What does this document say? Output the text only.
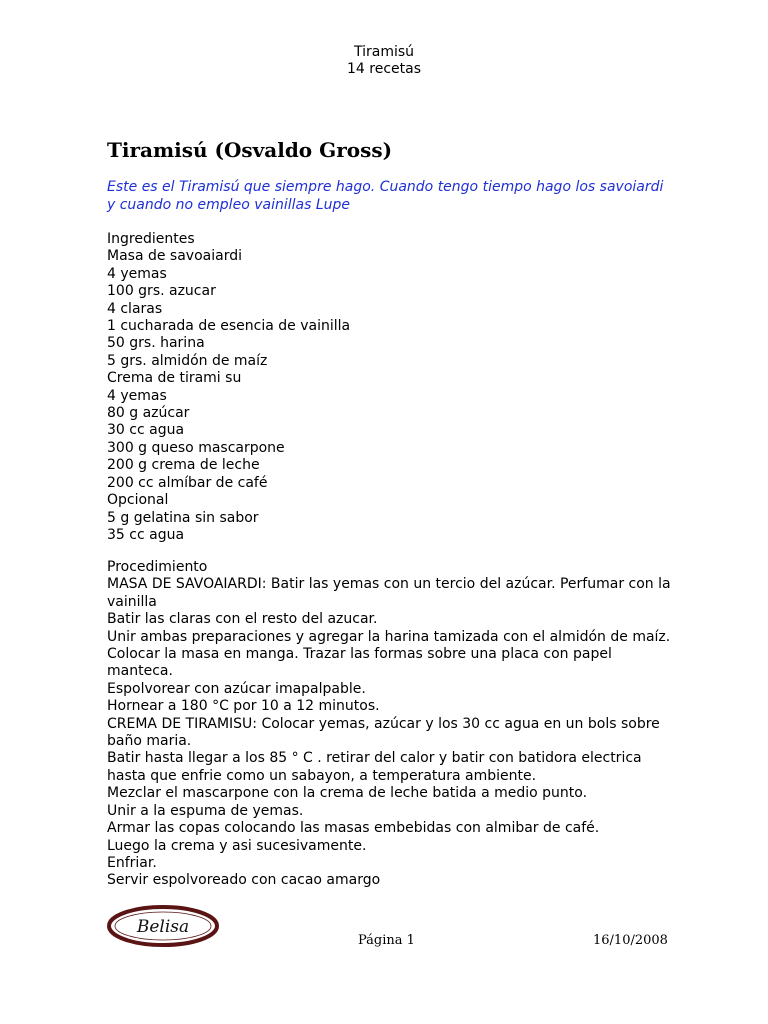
Tiramisú
14 recetas
Tiramisú (Osvaldo Gross)
Este es el Tiramisú que siempre hago. Cuando tengo tiempo hago los savoiardi y cuando no empleo vainillas Lupe
Ingredientes
Masa de savoaiardi
4 yemas
100 grs. azucar
4 claras
1 cucharada de esencia de vainilla
50 grs. harina
5 grs. almidón de maíz
Crema de tirami su
4 yemas
80 g azúcar
30 cc agua
300 g queso mascarpone
200 g crema de leche
200 cc almíbar de café
Opcional
5 g gelatina sin sabor
35 cc agua
Procedimiento
MASA DE SAVOAIARDI: Batir las yemas con un tercio del azúcar. Perfumar con la vainilla
Batir las claras con el resto del azucar.
Unir ambas preparaciones y agregar la harina tamizada con el almidón de maíz.
Colocar la masa en manga. Trazar las formas sobre una placa con papel manteca.
Espolvorear con azúcar imapalpable.
Hornear a 180 °C por 10 a 12 minutos.
CREMA DE TIRAMISU: Colocar yemas, azúcar y los 30 cc agua en un bols sobre baño maria.
Batir hasta llegar a los 85 ° C . retirar del calor y batir con batidora electrica hasta que enfrie como un sabayon, a temperatura ambiente.
Mezclar el mascarpone con la crema de leche batida a medio punto.
Unir a la espuma de yemas.
Armar las copas colocando las masas embebidas con almibar de café.
Luego la crema y asi sucesivamente.
Enfriar.
Servir espolvoreado con cacao amargo
Belisa
Página 1	16/10/2008
